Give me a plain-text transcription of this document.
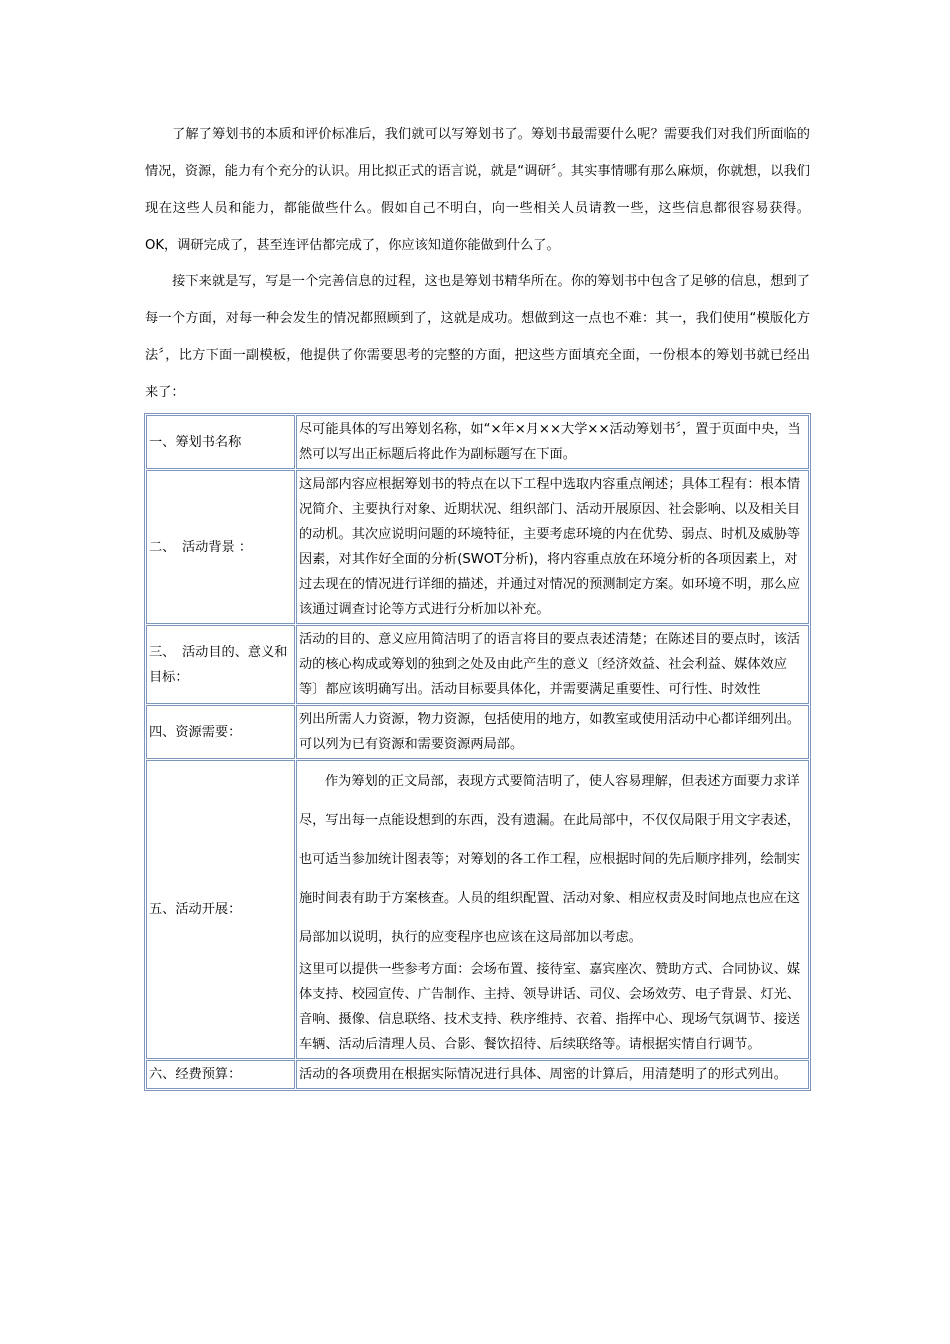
了解了筹划书的本质和评价标准后，我们就可以写筹划书了。筹划书最需要什么呢？需要我们对我们所面临的情况，资源，能力有个充分的认识。用比拟正式的语言说，就是“调研〞。其实事情哪有那么麻烦，你就想，以我们现在这些人员和能力，都能做些什么。假如自己不明白，向一些相关人员请教一些，这些信息都很容易获得。OK，调研完成了，甚至连评估都完成了，你应该知道你能做到什么了。

接下来就是写，写是一个完善信息的过程，这也是筹划书精华所在。你的筹划书中包含了足够的信息，想到了每一个方面，对每一种会发生的情况都照顾到了，这就是成功。想做到这一点也不难：其一，我们使用“模版化方法〞，比方下面一副模板，他提供了你需要思考的完整的方面，把这些方面填充全面，一份根本的筹划书就已经出来了：

一、筹划书名称	尽可能具体的写出筹划名称，如“×年×月××大学××活动筹划书〞，置于页面中央，当然可以写出正标题后将此作为副标题写在下面。
二、　活动背景 ：	这局部内容应根据筹划书的特点在以下工程中选取内容重点阐述；具体工程有：根本情况简介、主要执行对象、近期状况、组织部门、活动开展原因、社会影响、以及相关目的动机。其次应说明问题的环境特征，主要考虑环境的内在优势、弱点、时机及威胁等因素，对其作好全面的分析(SWOT分析)，将内容重点放在环境分析的各项因素上，对过去现在的情况进行详细的描述，并通过对情况的预测制定方案。如环境不明，那么应该通过调查讨论等方式进行分析加以补充。
三、　活动目的、意义和目标：	活动的目的、意义应用简洁明了的语言将目的要点表述清楚；在陈述目的要点时，该活动的核心构成或筹划的独到之处及由此产生的意义〔经济效益、社会利益、媒体效应等〕都应该明确写出。活动目标要具体化，并需要满足重要性、可行性、时效性
四、资源需要：	列出所需人力资源，物力资源，包括使用的地方，如教室或使用活动中心都详细列出。可以列为已有资源和需要资源两局部。
五、活动开展：	作为筹划的正文局部，表现方式要简洁明了，使人容易理解，但表述方面要力求详尽，写出每一点能设想到的东西，没有遗漏。在此局部中，不仅仅局限于用文字表述，也可适当参加统计图表等；对筹划的各工作工程，应根据时间的先后顺序排列，绘制实施时间表有助于方案核查。人员的组织配置、活动对象、相应权责及时间地点也应在这局部加以说明，执行的应变程序也应该在这局部加以考虑。

这里可以提供一些参考方面：会场布置、接待室、嘉宾座次、赞助方式、合同协议、媒体支持、校园宣传、广告制作、主持、领导讲话、司仪、会场效劳、电子背景、灯光、音响、摄像、信息联络、技术支持、秩序维持、衣着、指挥中心、现场气氛调节、接送车辆、活动后清理人员、合影、餐饮招待、后续联络等。请根据实情自行调节。

六、经费预算：	活动的各项费用在根据实际情况进行具体、周密的计算后，用清楚明了的形式列出。
